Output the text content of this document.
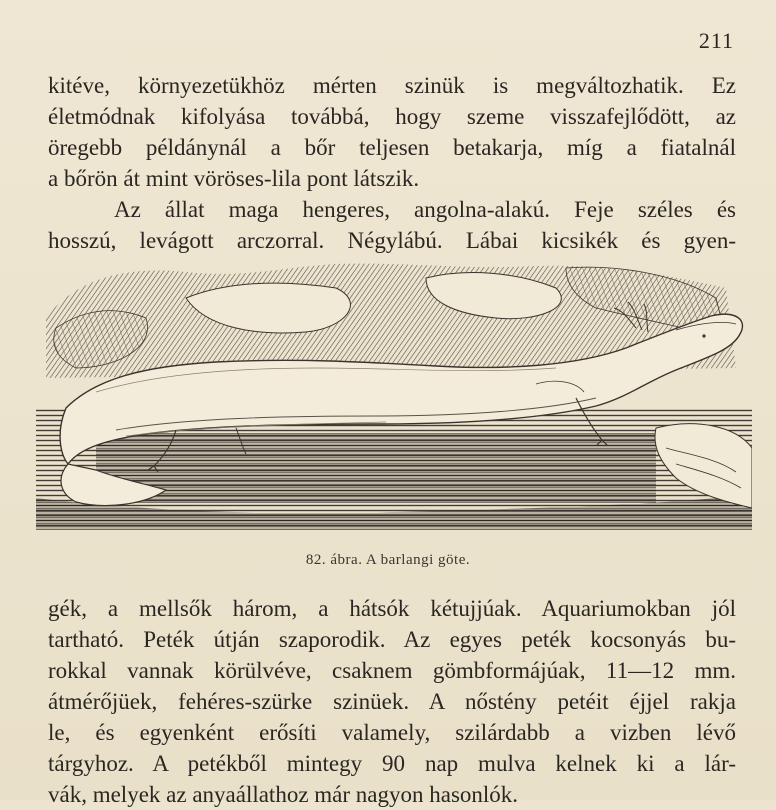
211
kitéve, környezetükhöz mérten szinük is megváltozhatik. Ez
életmódnak kifolyása továbbá, hogy szeme visszafejlődött, az
öregebb példánynál a bőr teljesen betakarja, míg a fiatalnál
a bőrön át mint vöröses-lila pont látszik.
Az állat maga hengeres, angolna-alakú. Feje széles és
hosszú, levágott arczorral. Négylábú. Lábai kicsikék és gyen-
82. ábra. A barlangi göte.
gék, a mellsők három, a hátsók kétujjúak. Aquariumokban jól
tartható. Peték útján szaporodik. Az egyes peték kocsonyás bu-
rokkal vannak körülvéve, csaknem gömbformájúak, 11—12 mm.
átmérőjüek, fehéres-szürke szinüek. A nőstény petéit éjjel rakja
le, és egyenként erősíti valamely, szilárdabb a vizben lévő
tárgyhoz. A petékből mintegy 90 nap mulva kelnek ki a lár-
vák, melyek az anyaállathoz már nagyon hasonlók.
